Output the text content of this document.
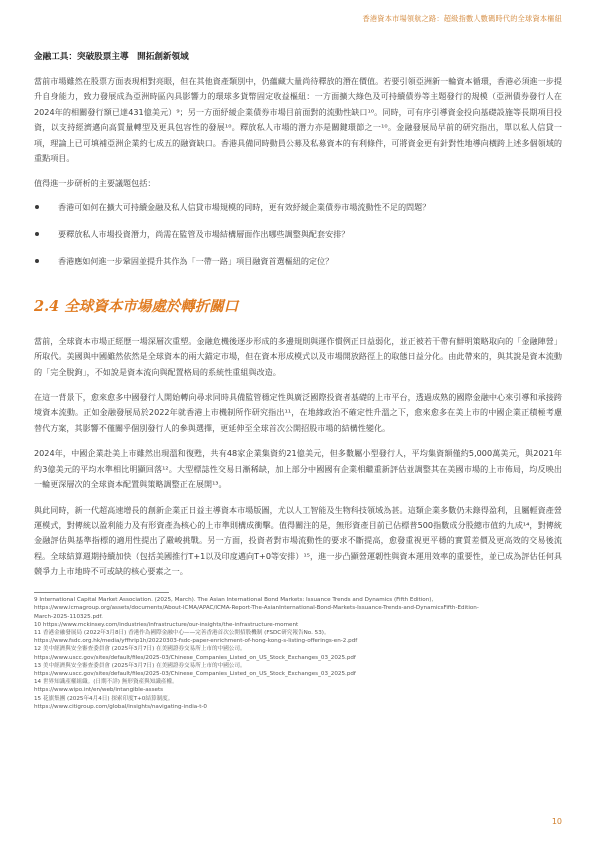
香港資本市場領航之路：超級指數人數碼時代的全球資本樞紐
金融工具：突破股票主導　開拓創新領域

當前市場雖然在股票方面表現相對亮眼，但在其他資產類別中，仍蘊藏大量尚待釋放的潛在價值。若要引領亞洲新一輪資本循環，香港必須進一步提升自身能力，致力發展成為亞洲時區內具影響力的環球多貨幣固定收益樞紐：一方面擴大綠色及可持續債券等主題發行的規模（亞洲債券發行人在2024年的相關發行額已達431億美元）⁹；另一方面紓緩企業債券市場目前面對的流動性缺口¹⁰。同時，可有序引導資金投向基礎設施等長期項目投資，以支持經濟邁向高質量轉型及更具包容性的發展¹⁰。釋放私人市場的潛力亦是關鍵環節之一¹⁰。金融發展局早前的研究指出，單以私人信貸一項，理論上已可填補亞洲企業約七成五的融資缺口。香港具備同時動員公募及私募資本的有利條件，可將資金更有針對性地導向橫跨上述多個領域的重點項目。

值得進一步研析的主要議題包括：

香港可如何在擴大可持續金融及私人信貸市場規模的同時，更有效紓緩企業債券市場流動性不足的問題？
要釋放私人市場投資潛力，尚需在監管及市場結構層面作出哪些調整與配套安排？
香港應如何進一步鞏固並提升其作為「一帶一路」項目融資首選樞紐的定位？
2.4 全球資本市場處於轉折關口

當前，全球資本市場正經歷一場深層次重塑。金融危機後逐步形成的多邊規則與運作慣例正日益弱化，並正被若干帶有鮮明策略取向的「金融陣營」所取代。美國與中國雖然依然是全球資本的兩大錨定市場，但在資本形成模式以及市場開放路徑上的取態日益分化。由此帶來的，與其說是資本流動的「完全脫鉤」，不如說是資本流向與配置格局的系統性重組與改造。

在這一背景下，愈來愈多中國發行人開始轉向尋求同時具備監管穩定性與廣泛國際投資者基礎的上市平台，透過成熟的國際金融中心來引導和承接跨境資本流動。正如金融發展局於2022年就香港上市機制所作研究指出¹¹，在地緣政治不確定性升溫之下，愈來愈多在美上市的中國企業正積極考慮替代方案，其影響不僅關乎個別發行人的參與選擇，更延伸至全球首次公開招股市場的結構性變化。

2024年，中國企業赴美上市雖然出現溫和復甦，共有48家企業集資約21億美元，但多數屬小型發行人，平均集資額僅約5,000萬美元，與2021年約3億美元的平均水準相比明顯回落¹²。大型標誌性交易日漸稀缺，加上部分中國國有企業相繼重新評估並調整其在美國市場的上市佈局，均反映出一輪更深層次的全球資本配置與策略調整正在展開¹³。

與此同時，新一代超高速增長的創新企業正日益主導資本市場版圖，尤以人工智能及生物科技領域為甚。這類企業多數仍未錄得盈利，且屬輕資產營運模式，對傳統以盈利能力及有形資產為核心的上市準則構成衝擊。值得關注的是，無形資產目前已佔標普500指數成分股總市值約九成¹⁴，對傳統金融評估與基準指標的適用性提出了嚴峻挑戰。另一方面，投資者對市場流動性的要求不斷提高，愈發重視更平穩的實質差價及更高效的交易後流程。全球結算週期持續加快（包括美國推行T+1以及印度邁向T+0等安排）¹⁵，進一步凸顯營運韌性與資本運用效率的重要性，並已成為評估任何具競爭力上市地時不可或缺的核心要素之一。

9 International Capital Market Association. (2025, March). The Asian International Bond Markets: Issuance Trends and Dynamics (Fifth Edition),
https://www.icmagroup.org/assets/documents/About-ICMA/APAC/ICMA-Report-The-AsianInternational-Bond-Markets-Issuance-Trends-and-DynamicsFifth-Edition-
March-2025-110325.pdf.
10 https://www.mckinsey.com/industries/infrastructure/our-insights/the-infrastructure-moment
11 香港金融發展局 (2022年3月8日) 香港作為國際金融中心——完善香港首次公開招股機制 (FSDC研究報告No. 53)。
https://www.fsdc.org.hk/media/yffhrip1h/20220303-fsdc-paper-enrichment-of-hong-kong-s-listing-offerings-en-2.pdf
12 美中經濟與安全審查委員會 (2025年3月7日) 在美國證券交易所上市的中國公司。
https://www.uscc.gov/sites/default/files/2025-03/Chinese_Companies_Listed_on_US_Stock_Exchanges_03_2025.pdf
13 美中經濟與安全審查委員會 (2025年3月7日) 在美國證券交易所上市的中國公司。
https://www.uscc.gov/sites/default/files/2025-03/Chinese_Companies_Listed_on_US_Stock_Exchanges_03_2025.pdf
14 世界知識產權組織。(日期不詳) 無形資產與知識產權。
https://www.wipo.int/en/web/intangible-assets
15 花旗集團 (2025年4月4日) 探索印度T+0結算制度。
https://www.citigroup.com/global/insights/navigating-india-t-0
10
